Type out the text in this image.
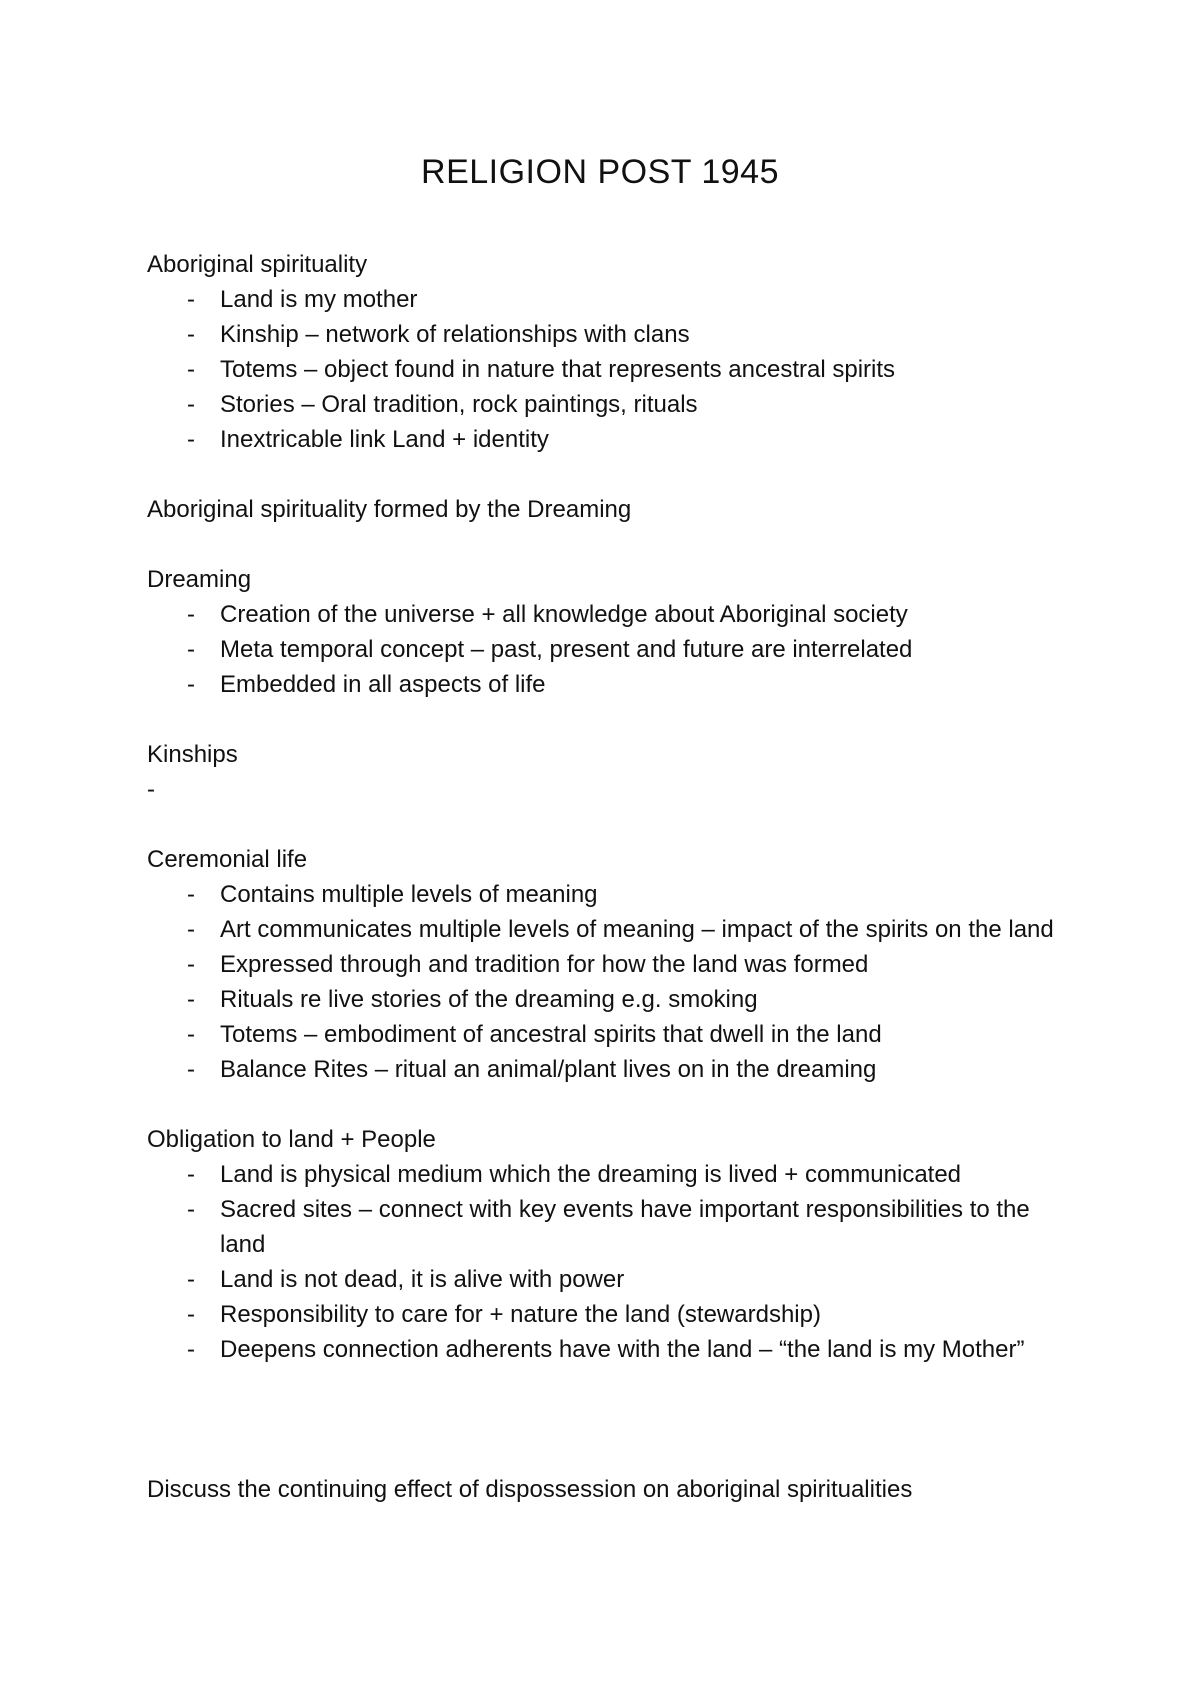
RELIGION POST 1945

Aboriginal spirituality

- Land is my mother
- Kinship – network of relationships with clans
- Totems – object found in nature that represents ancestral spirits
- Stories – Oral tradition, rock paintings, rituals
- Inextricable link Land + identity

Aboriginal spirituality formed by the Dreaming

Dreaming

- Creation of the universe + all knowledge about Aboriginal society
- Meta temporal concept – past, present and future are interrelated
- Embedded in all aspects of life

Kinships

-

Ceremonial life

- Contains multiple levels of meaning
- Art communicates multiple levels of meaning – impact of the spirits on the land
- Expressed through and tradition for how the land was formed
- Rituals re live stories of the dreaming e.g. smoking
- Totems – embodiment of ancestral spirits that dwell in the land
- Balance Rites – ritual an animal/plant lives on in the dreaming

Obligation to land + People

- Land is physical medium which the dreaming is lived + communicated
- Sacred sites – connect with key events have important responsibilities to the land
- Land is not dead, it is alive with power
- Responsibility to care for + nature the land (stewardship)
- Deepens connection adherents have with the land – “the land is my Mother”

Discuss the continuing effect of dispossession on aboriginal spiritualities
